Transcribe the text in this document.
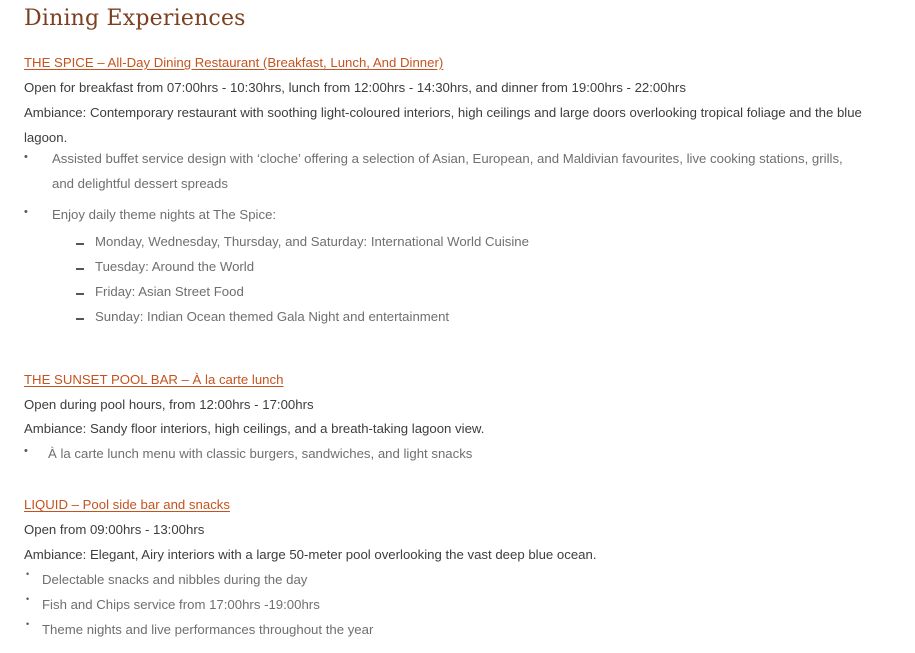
Dining Experiences
THE SPICE – All-Day Dining Restaurant (Breakfast, Lunch, And Dinner)
Open for breakfast from 07:00hrs - 10:30hrs, lunch from 12:00hrs - 14:30hrs, and dinner from 19:00hrs - 22:00hrs
Ambiance: Contemporary restaurant with soothing light-coloured interiors, high ceilings and large doors overlooking tropical foliage and the blue lagoon.
• Assisted buffet service design with ‘cloche’ offering a selection of Asian, European, and Maldivian favourites, live cooking stations, grills, and delightful dessert spreads
• Enjoy daily theme nights at The Spice:
Monday, Wednesday, Thursday, and Saturday: International World Cuisine
Tuesday: Around the World
Friday: Asian Street Food
Sunday: Indian Ocean themed Gala Night and entertainment
THE SUNSET POOL BAR – À la carte lunch
Open during pool hours, from 12:00hrs - 17:00hrs
Ambiance: Sandy floor interiors, high ceilings, and a breath-taking lagoon view.
• À la carte lunch menu with classic burgers, sandwiches, and light snacks
LIQUID – Pool side bar and snacks
Open from 09:00hrs - 13:00hrs
Ambiance: Elegant, Airy interiors with a large 50-meter pool overlooking the vast deep blue ocean.
• Delectable snacks and nibbles during the day
• Fish and Chips service from 17:00hrs -19:00hrs
• Theme nights and live performances throughout the year
